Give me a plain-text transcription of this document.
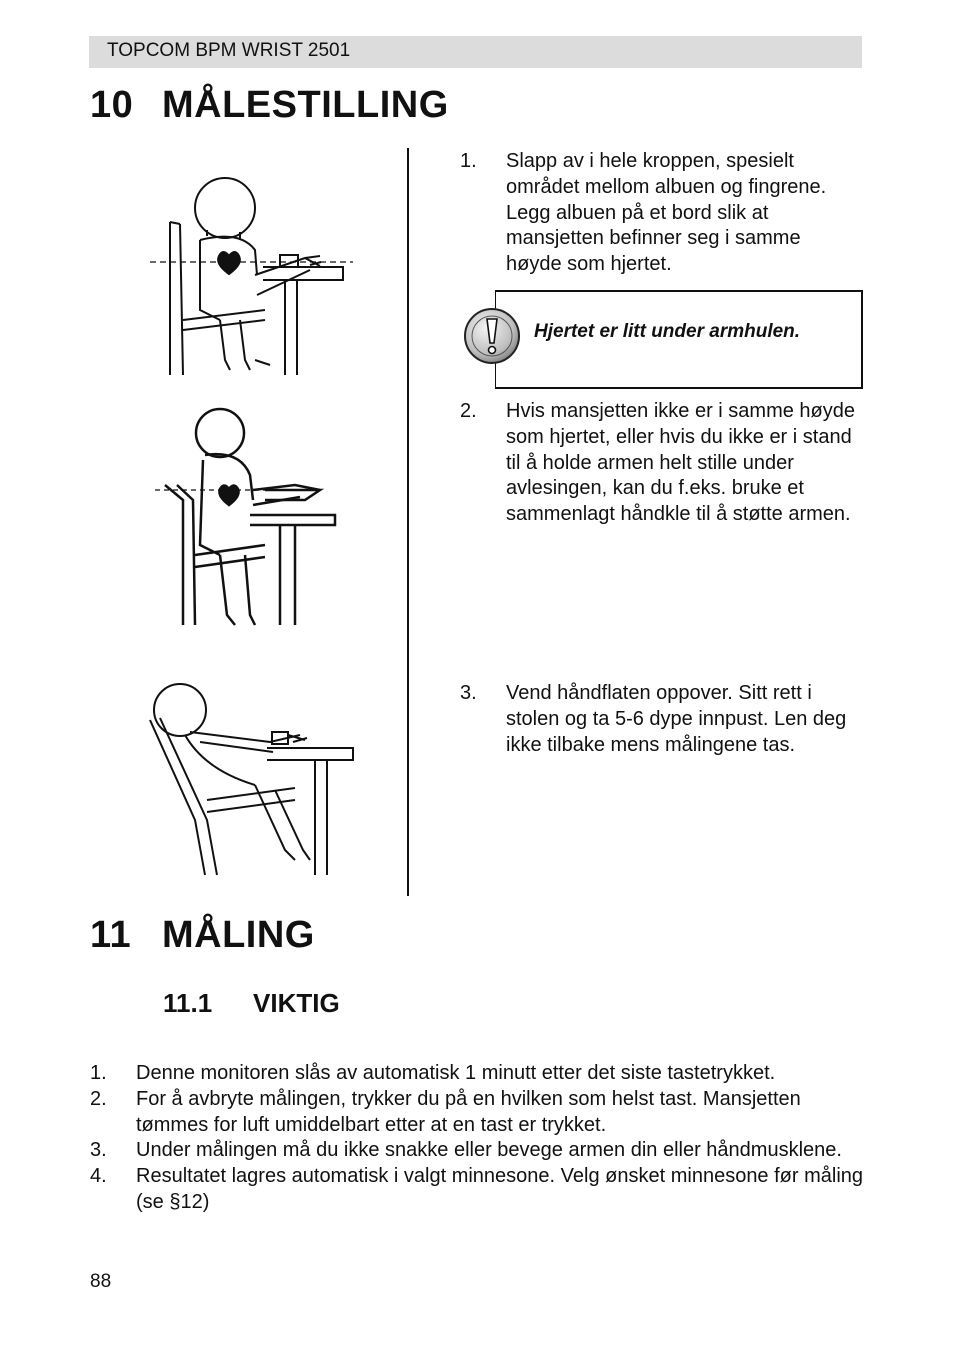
TOPCOM BPM WRIST 2501
10 MÅLESTILLING
1. Slapp av i hele kroppen, spesielt området mellom albuen og fingrene. Legg albuen på et bord slik at mansjetten befinner seg i samme høyde som hjertet.
Hjertet er litt under armhulen.
2. Hvis mansjetten ikke er i samme høyde som hjertet, eller hvis du ikke er i stand til å holde armen helt stille under avlesingen, kan du f.eks. bruke et sammenlagt håndkle til å støtte armen.
3. Vend håndflaten oppover. Sitt rett i stolen og ta 5-6 dype innpust. Len deg ikke tilbake mens målingene tas.
11 MÅLING
11.1 VIKTIG
1. Denne monitoren slås av automatisk 1 minutt etter det siste tastetrykket.
2. For å avbryte målingen, trykker du på en hvilken som helst tast. Mansjetten tømmes for luft umiddelbart etter at en tast er trykket.
3. Under målingen må du ikke snakke eller bevege armen din eller håndmusklene.
4. Resultatet lagres automatisk i valgt minnesone. Velg ønsket minnesone før måling (se §12)
88
